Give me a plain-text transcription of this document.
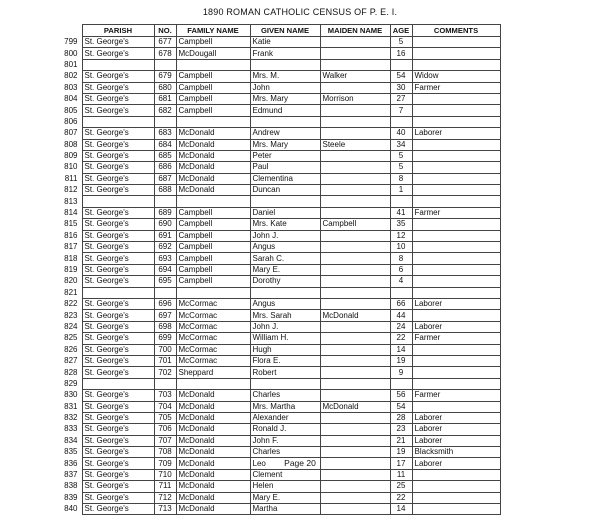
1890 ROMAN CATHOLIC CENSUS OF P. E. I.
	PARISH	NO.	FAMILY NAME	GIVEN NAME	MAIDEN NAME	AGE	COMMENTS
799	St. George's	677	Campbell	Katie		5	
800	St. George's	678	McDougall	Frank		16	
801							
802	St. George's	679	Campbell	Mrs. M.	Walker	54	Widow
803	St. George's	680	Campbell	John		30	Farmer
804	St. George's	681	Campbell	Mrs. Mary	Morrison	27	
805	St. George's	682	Campbell	Edmund		7	
806							
807	St. George's	683	McDonald	Andrew		40	Laborer
808	St. George's	684	McDonald	Mrs. Mary	Steele	34	
809	St. George's	685	McDonald	Peter		5	
810	St. George's	686	McDonald	Paul		5	
811	St. George's	687	McDonald	Clementina		8	
812	St. George's	688	McDonald	Duncan		1	
813							
814	St. George's	689	Campbell	Daniel		41	Farmer
815	St. George's	690	Campbell	Mrs. Kate	Campbell	35	
816	St. George's	691	Campbell	John J.		12	
817	St. George's	692	Campbell	Angus		10	
818	St. George's	693	Campbell	Sarah C.		8	
819	St. George's	694	Campbell	Mary E.		6	
820	St. George's	695	Campbell	Dorothy		4	
821							
822	St. George's	696	McCormac	Angus		66	Laborer
823	St. George's	697	McCormac	Mrs. Sarah	McDonald	44	
824	St. George's	698	McCormac	John J.		24	Laborer
825	St. George's	699	McCormac	William H.		22	Farmer
826	St. George's	700	McCormac	Hugh		14	
827	St. George's	701	McCormac	Flora E.		19	
828	St. George's	702	Sheppard	Robert		9	
829							
830	St. George's	703	McDonald	Charles		56	Farmer
831	St. George's	704	McDonald	Mrs. Martha	McDonald	54	
832	St. George's	705	McDonald	Alexander		28	Laborer
833	St. George's	706	McDonald	Ronald J.		23	Laborer
834	St. George's	707	McDonald	John F.		21	Laborer
835	St. George's	708	McDonald	Charles		19	Blacksmith
836	St. George's	709	McDonald	Leo		17	Laborer
837	St. George's	710	McDonald	Clement		11	
838	St. George's	711	McDonald	Helen		25	
839	St. George's	712	McDonald	Mary E.		22	
840	St. George's	713	McDonald	Martha		14	
Page 20
